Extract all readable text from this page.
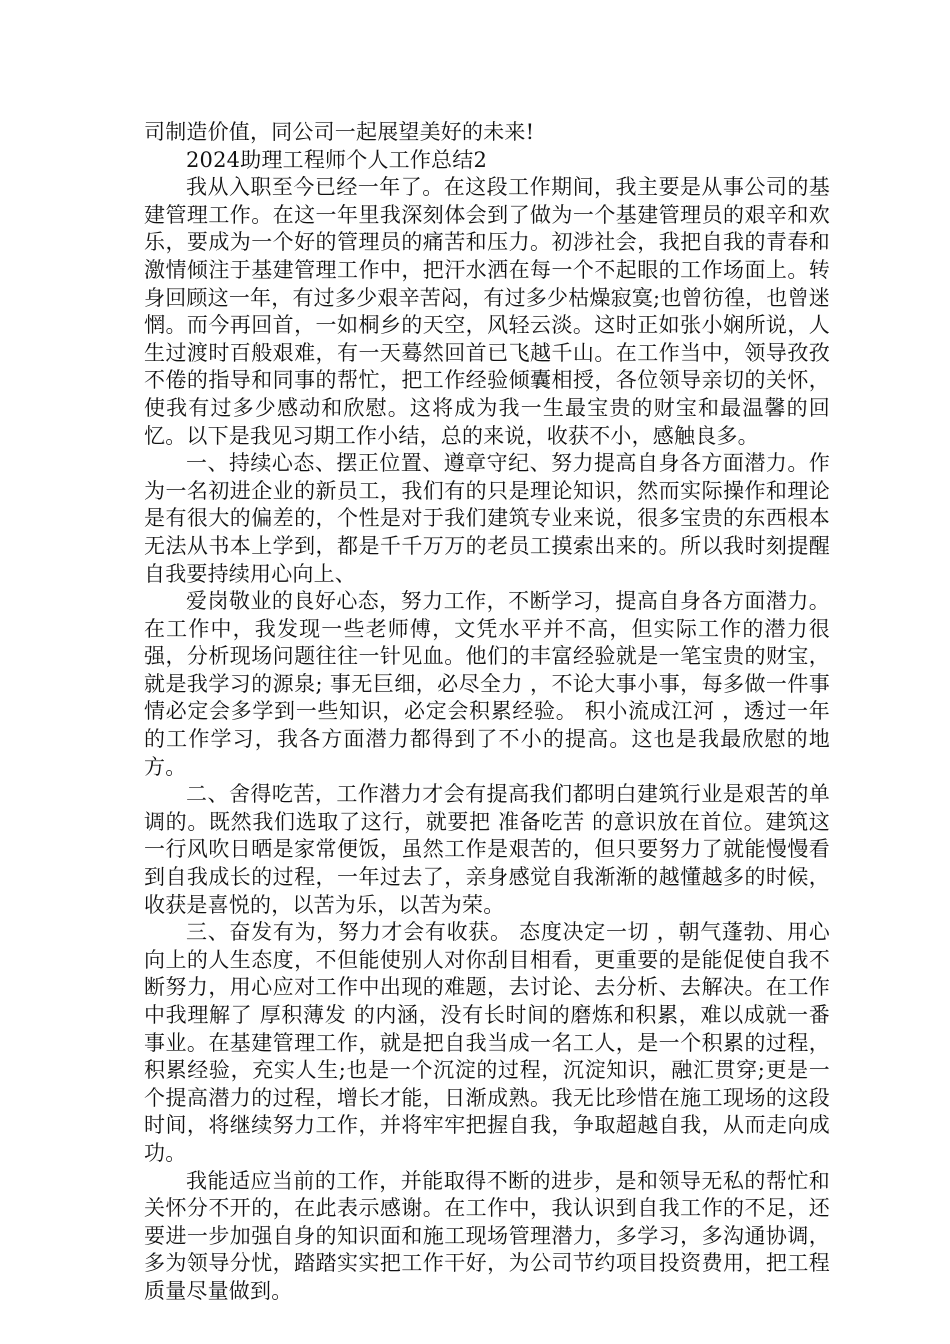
司制造价值，同公司一起展望美好的未来!

2024助理工程师个人工作总结2

我从入职至今已经一年了。在这段工作期间，我主要是从事公司的基建管理工作。在这一年里我深刻体会到了做为一个基建管理员的艰辛和欢乐，要成为一个好的管理员的痛苦和压力。初涉社会，我把自我的青春和激情倾注于基建管理工作中，把汗水洒在每一个不起眼的工作场面上。转身回顾这一年，有过多少艰辛苦闷，有过多少枯燥寂寞;也曾彷徨，也曾迷惘。而今再回首，一如桐乡的天空，风轻云淡。这时正如张小娴所说，人生过渡时百般艰难，有一天蓦然回首已飞越千山。在工作当中，领导孜孜不倦的指导和同事的帮忙，把工作经验倾囊相授，各位领导亲切的关怀，使我有过多少感动和欣慰。这将成为我一生最宝贵的财宝和最温馨的回忆。以下是我见习期工作小结，总的来说，收获不小，感触良多。

一、持续心态、摆正位置、遵章守纪、努力提高自身各方面潜力。作为一名初进企业的新员工，我们有的只是理论知识，然而实际操作和理论是有很大的偏差的，个性是对于我们建筑专业来说，很多宝贵的东西根本无法从书本上学到，都是千千万万的老员工摸索出来的。所以我时刻提醒自我要持续用心向上、

爱岗敬业的良好心态，努力工作，不断学习，提高自身各方面潜力。在工作中，我发现一些老师傅，文凭水平并不高，但实际工作的潜力很强，分析现场问题往往一针见血。他们的丰富经验就是一笔宝贵的财宝，就是我学习的源泉; 事无巨细，必尽全力 ，不论大事小事，每多做一件事情必定会多学到一些知识，必定会积累经验。 积小流成江河 ，透过一年的工作学习，我各方面潜力都得到了不小的提高。这也是我最欣慰的地方。

二、舍得吃苦，工作潜力才会有提高我们都明白建筑行业是艰苦的单调的。既然我们选取了这行，就要把 准备吃苦 的意识放在首位。建筑这一行风吹日晒是家常便饭，虽然工作是艰苦的，但只要努力了就能慢慢看到自我成长的过程，一年过去了，亲身感觉自我渐渐的越懂越多的时候，收获是喜悦的，以苦为乐，以苦为荣。

三、奋发有为，努力才会有收获。 态度决定一切 ，朝气蓬勃、用心向上的人生态度，不但能使别人对你刮目相看，更重要的是能促使自我不断努力，用心应对工作中出现的难题，去讨论、去分析、去解决。在工作中我理解了 厚积薄发 的内涵，没有长时间的磨炼和积累，难以成就一番事业。在基建管理工作，就是把自我当成一名工人，是一个积累的过程，积累经验，充实人生;也是一个沉淀的过程，沉淀知识，融汇贯穿;更是一个提高潜力的过程，增长才能，日渐成熟。我无比珍惜在施工现场的这段时间，将继续努力工作，并将牢牢把握自我，争取超越自我，从而走向成功。

我能适应当前的工作，并能取得不断的进步，是和领导无私的帮忙和关怀分不开的，在此表示感谢。在工作中，我认识到自我工作的不足，还要进一步加强自身的知识面和施工现场管理潜力，多学习，多沟通协调，多为领导分忧，踏踏实实把工作干好，为公司节约项目投资费用，把工程质量尽量做到。
